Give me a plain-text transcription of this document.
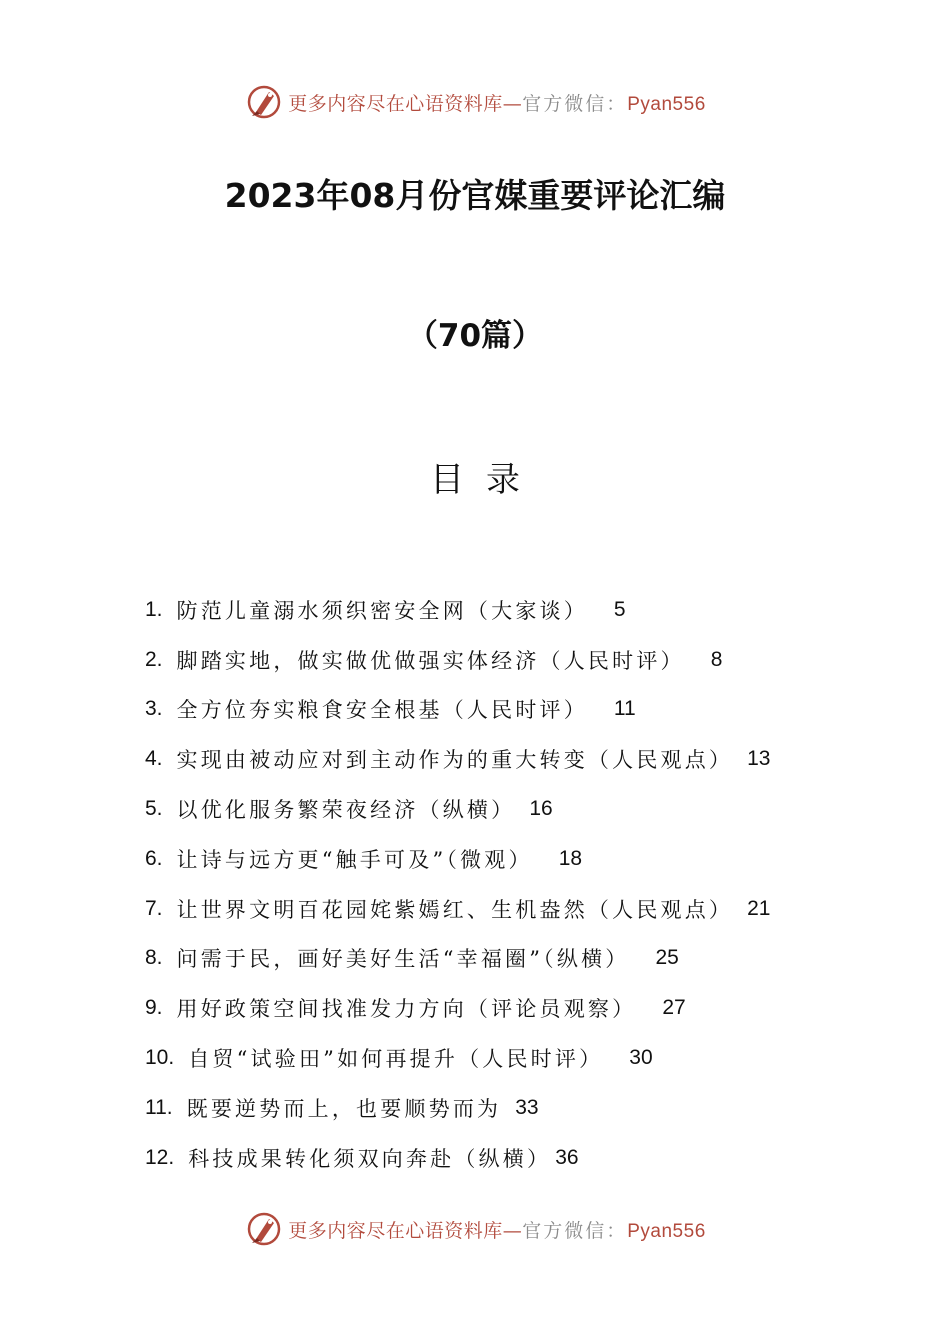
更多内容尽在心语资料库—官方微信：Pyan556
2023年08月份官媒重要评论汇编
（70篇）
目录
1. 防范儿童溺水须织密安全网（大家谈） 5
2. 脚踏实地，做实做优做强实体经济（人民时评） 8
3. 全方位夯实粮食安全根基（人民时评） 11
4. 实现由被动应对到主动作为的重大转变（人民观点） 13
5. 以优化服务繁荣夜经济（纵横） 16
6. 让诗与远方更“触手可及”（微观） 18
7. 让世界文明百花园姹紫嫣红、生机盎然（人民观点） 21
8. 问需于民，画好美好生活“幸福圈”（纵横） 25
9. 用好政策空间找准发力方向（评论员观察） 27
10. 自贸“试验田”如何再提升（人民时评） 30
11. 既要逆势而上，也要顺势而为 33
12. 科技成果转化须双向奔赴（纵横） 36
更多内容尽在心语资料库—官方微信：Pyan556
